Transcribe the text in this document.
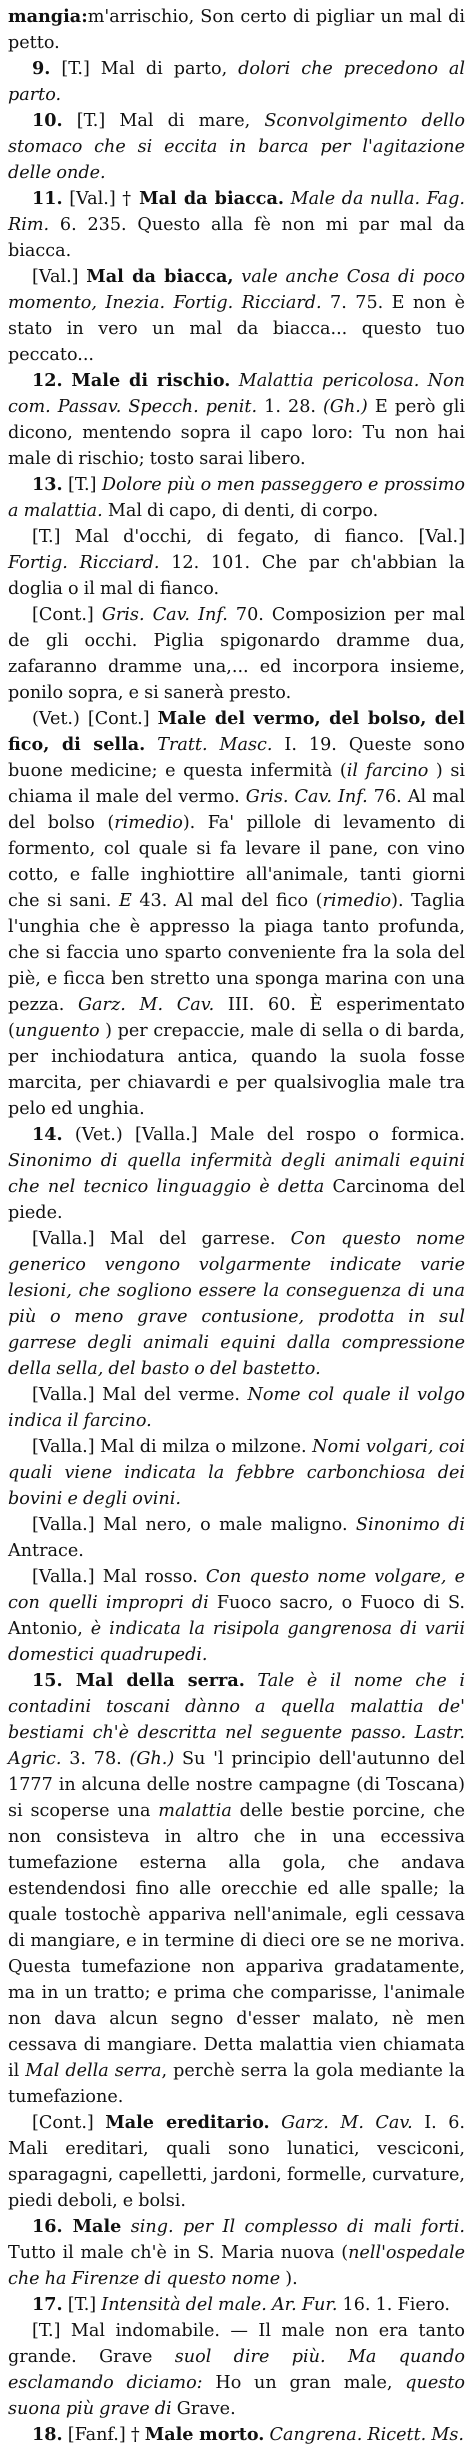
mangia:m'arrischio, Son certo di pigliar un mal di petto.

9. [T.] Mal di parto, dolori che precedono al parto.

10. [T.] Mal di mare, Sconvolgimento dello stomaco che si eccita in barca per l'agitazione delle onde.

11. [Val.] † Mal da biacca. Male da nulla. Fag. Rim. 6. 235. Questo alla fè non mi par mal da biacca.

[Val.] Mal da biacca, vale anche Cosa di poco momento, Inezia. Fortig. Ricciard. 7. 75. E non è stato in vero un mal da biacca... questo tuo peccato...

12. Male di rischio. Malattia pericolosa. Non com. Passav. Specch. penit. 1. 28. (Gh.) E però gli dicono, mentendo sopra il capo loro: Tu non hai male di rischio; tosto sarai libero.

13. [T.] Dolore più o men passeggero e prossimo a malattia. Mal di capo, di denti, di corpo.

[T.] Mal d'occhi, di fegato, di fianco. [Val.] Fortig. Ricciard. 12. 101. Che par ch'abbian la doglia o il mal di fianco.

[Cont.] Gris. Cav. Inf. 70. Composizion per mal de gli occhi. Piglia spigonardo dramme dua, zafaranno dramme una,... ed incorpora insieme, ponilo sopra, e si sanerà presto.

(Vet.) [Cont.] Male del vermo, del bolso, del fico, di sella. Tratt. Masc. I. 19. Queste sono buone medicine; e questa infermità (il farcino ) si chiama il male del vermo. Gris. Cav. Inf. 76. Al mal del bolso (rimedio). Fa' pillole di levamento di formento, col quale si fa levare il pane, con vino cotto, e falle inghiottire all'animale, tanti giorni che si sani. E 43. Al mal del fico (rimedio). Taglia l'unghia che è appresso la piaga tanto profunda, che si faccia uno sparto conveniente fra la sola del piè, e ficca ben stretto una sponga marina con una pezza. Garz. M. Cav. III. 60. È esperimentato (unguento ) per crepaccie, male di sella o di barda, per inchiodatura antica, quando la suola fosse marcita, per chiavardi e per qualsivoglia male tra pelo ed unghia.

14. (Vet.) [Valla.] Male del rospo o formica. Sinonimo di quella infermità degli animali equini che nel tecnico linguaggio è detta Carcinoma del piede.

[Valla.] Mal del garrese. Con questo nome generico vengono volgarmente indicate varie lesioni, che sogliono essere la conseguenza di una più o meno grave contusione, prodotta in sul garrese degli animali equini dalla compressione della sella, del basto o del bastetto.

[Valla.] Mal del verme. Nome col quale il volgo indica il farcino.

[Valla.] Mal di milza o milzone. Nomi volgari, coi quali viene indicata la febbre carbonchiosa dei bovini e degli ovini.

[Valla.] Mal nero, o male maligno. Sinonimo di Antrace.

[Valla.] Mal rosso. Con questo nome volgare, e con quelli impropri di Fuoco sacro, o Fuoco di S. Antonio, è indicata la risipola gangrenosa di varii domestici quadrupedi.

15. Mal della serra. Tale è il nome che i contadini toscani dànno a quella malattia de' bestiami ch'è descritta nel seguente passo. Lastr. Agric. 3. 78. (Gh.) Su 'l principio dell'autunno del 1777 in alcuna delle nostre campagne (di Toscana) si scoperse una malattia delle bestie porcine, che non consisteva in altro che in una eccessiva tumefazione esterna alla gola, che andava estendendosi fino alle orecchie ed alle spalle; la quale tostochè appariva nell'animale, egli cessava di mangiare, e in termine di dieci ore se ne moriva. Questa tumefazione non appariva gradatamente, ma in un tratto; e prima che comparisse, l'animale non dava alcun segno d'esser malato, nè men cessava di mangiare. Detta malattia vien chiamata il Mal della serra, perchè serra la gola mediante la tumefazione.

[Cont.] Male ereditario. Garz. M. Cav. I. 6. Mali ereditari, quali sono lunatici, vesciconi, sparagagni, capelletti, jardoni, formelle, curvature, piedi deboli, e bolsi.

16. Male sing. per Il complesso di mali forti. Tutto il male ch'è in S. Maria nuova (nell'ospedale che ha Firenze di questo nome ).

17. [T.] Intensità del male. Ar. Fur. 16. 1. Fiero.

[T.] Mal indomabile. — Il male non era tanto grande. Grave suol dire più. Ma quando esclamando diciamo: Ho un gran male, questo suona più grave di Grave.

18. [Fanf.] † Male morto. Cangrena. Ricett. Ms.
